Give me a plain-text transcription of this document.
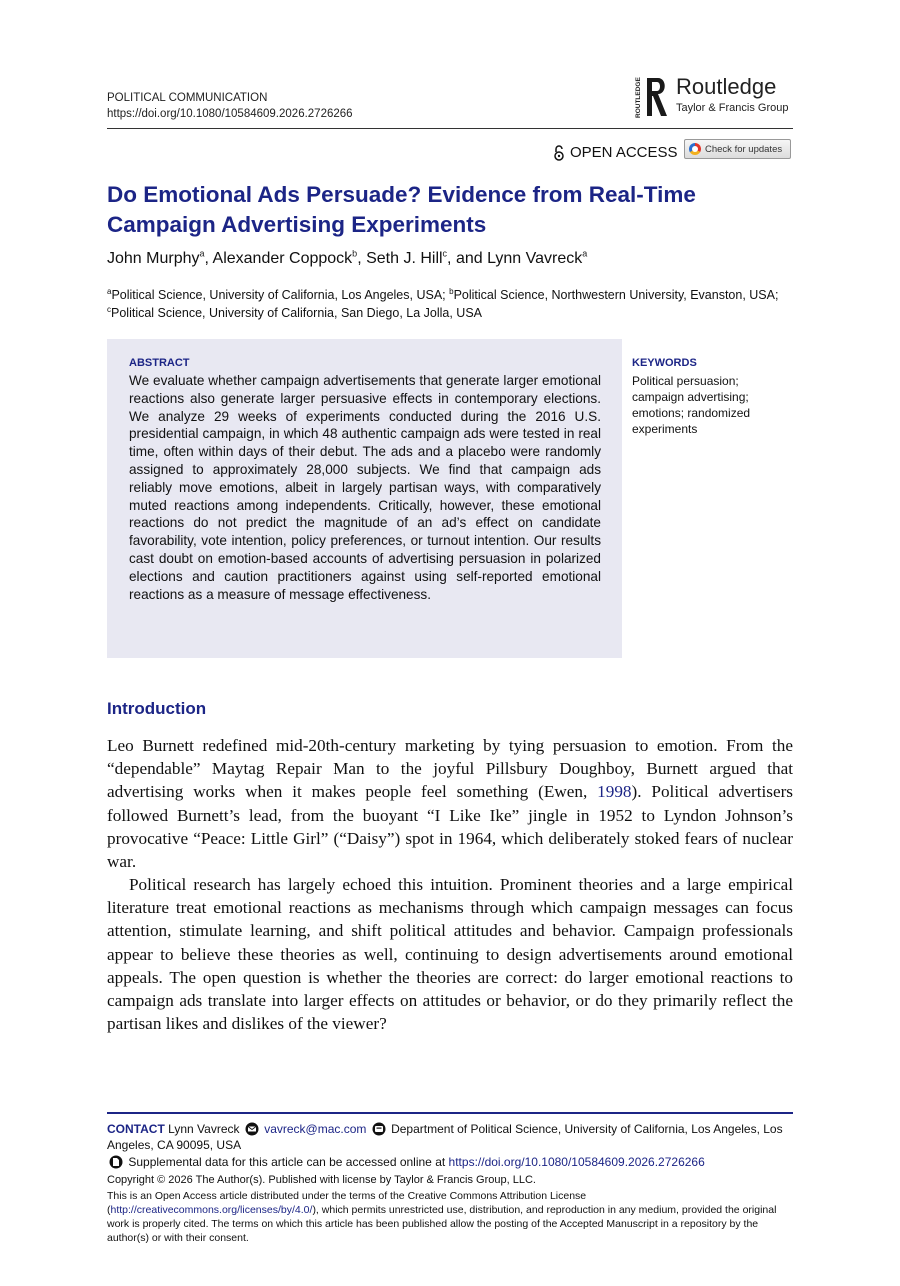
POLITICAL COMMUNICATION
https://doi.org/10.1080/10584609.2026.2726266	ROUTLEDGE Routledge
Taylor & Francis Group
OPEN ACCESS	Check for updates
Do Emotional Ads Persuade? Evidence from Real-Time Campaign Advertising Experiments
John Murphy$^a$, Alexander Coppock$^b$, Seth J. Hill$^c$, and Lynn Vavreck$^a$
$^a$Political Science, University of California, Los Angeles, USA; $^b$Political Science, Northwestern University, Evanston, USA; $^c$Political Science, University of California, San Diego, La Jolla, USA
ABSTRACT
We evaluate whether campaign advertisements that generate larger emotional reactions also generate larger persuasive effects in contemporary elections. We analyze 29 weeks of experiments conducted during the 2016 U.S. presidential campaign, in which 48 authentic campaign ads were tested in real time, often within days of their debut. The ads and a placebo were randomly assigned to approximately 28,000 subjects. We find that campaign ads reliably move emotions, albeit in largely partisan ways, with comparatively muted reactions among independents. Critically, however, these emotional reactions do not predict the magnitude of an ad’s effect on candidate favorability, vote intention, policy preferences, or turnout intention. Our results cast doubt on emotion-based accounts of advertising persuasion in polarized elections and caution practitioners against using self-reported emotional reactions as a measure of message effectiveness.
KEYWORDS
Political persuasion; campaign advertising; emotions; randomized experiments
Introduction
Leo Burnett redefined mid-20th-century marketing by tying persuasion to emotion. From the “dependable” Maytag Repair Man to the joyful Pillsbury Doughboy, Burnett argued that advertising works when it makes people feel something (Ewen, 1998). Political advertisers followed Burnett’s lead, from the buoyant “I Like Ike” jingle in 1952 to Lyndon Johnson’s provocative “Peace: Little Girl” (“Daisy”) spot in 1964, which deliberately stoked fears of nuclear war.
Political research has largely echoed this intuition. Prominent theories and a large empirical literature treat emotional reactions as mechanisms through which campaign messages can focus attention, stimulate learning, and shift political attitudes and behavior. Campaign professionals appear to believe these theories as well, continuing to design advertisements around emotional appeals. The open question is whether the theories are correct: do larger emotional reactions to campaign ads translate into larger effects on attitudes or behavior, or do they primarily reflect the partisan likes and dislikes of the viewer?
CONTACT Lynn Vavreck vavreck@mac.com Department of Political Science, University of California, Los Angeles, Los Angeles, CA 90095, USA
Supplemental data for this article can be accessed online at https://doi.org/10.1080/10584609.2026.2726266
Copyright © 2026 The Author(s). Published with license by Taylor & Francis Group, LLC.
This is an Open Access article distributed under the terms of the Creative Commons Attribution License (http://creativecommons.org/licenses/by/4.0/), which permits unrestricted use, distribution, and reproduction in any medium, provided the original work is properly cited. The terms on which this article has been published allow the posting of the Accepted Manuscript in a repository by the author(s) or with their consent.
